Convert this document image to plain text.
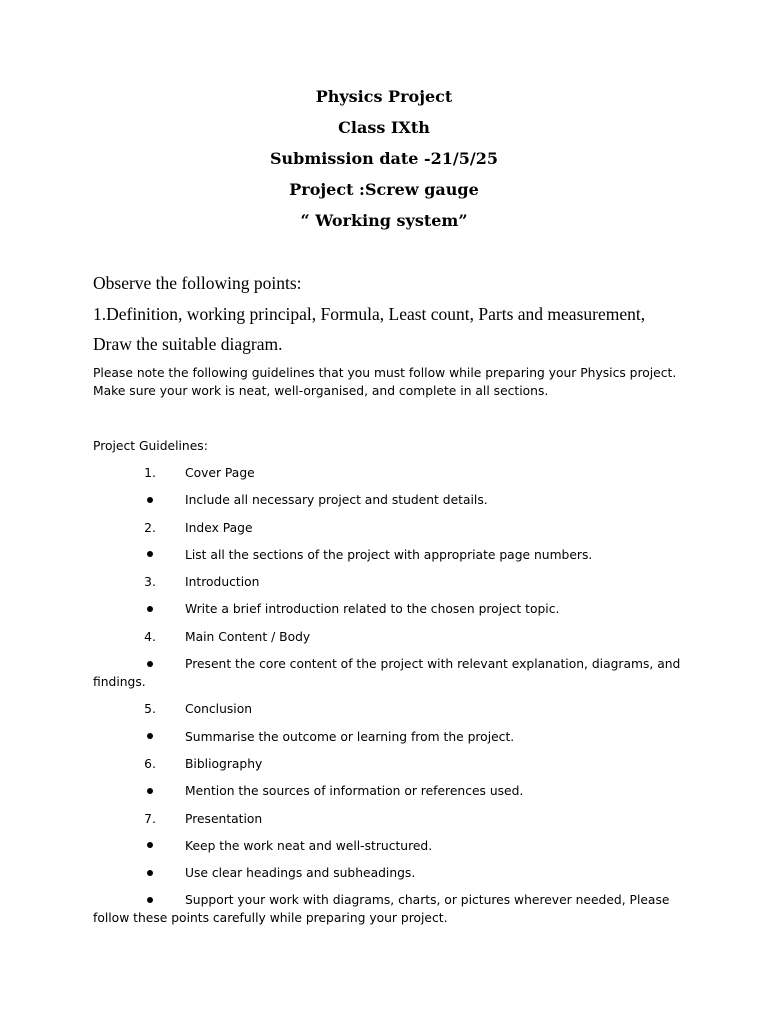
Physics Project
Class IXth
Submission date -21/5/25
Project :Screw gauge
“ Working system”
Observe the following points:
1.Definition, working principal, Formula, Least count, Parts and measurement,
Draw the suitable diagram.
Please note the following guidelines that you must follow while preparing your Physics project.
Make sure your work is neat, well-organised, and complete in all sections.
Project Guidelines:
1.	Cover Page
Include all necessary project and student details.
2.	Index Page
List all the sections of the project with appropriate page numbers.
3.	Introduction
Write a brief introduction related to the chosen project topic.
4.	Main Content / Body
Present the core content of the project with relevant explanation, diagrams, and
findings.
5.	Conclusion
Summarise the outcome or learning from the project.
6.	Bibliography
Mention the sources of information or references used.
7.	Presentation
Keep the work neat and well-structured.
Use clear headings and subheadings.
Support your work with diagrams, charts, or pictures wherever needed, Please
follow these points carefully while preparing your project.
